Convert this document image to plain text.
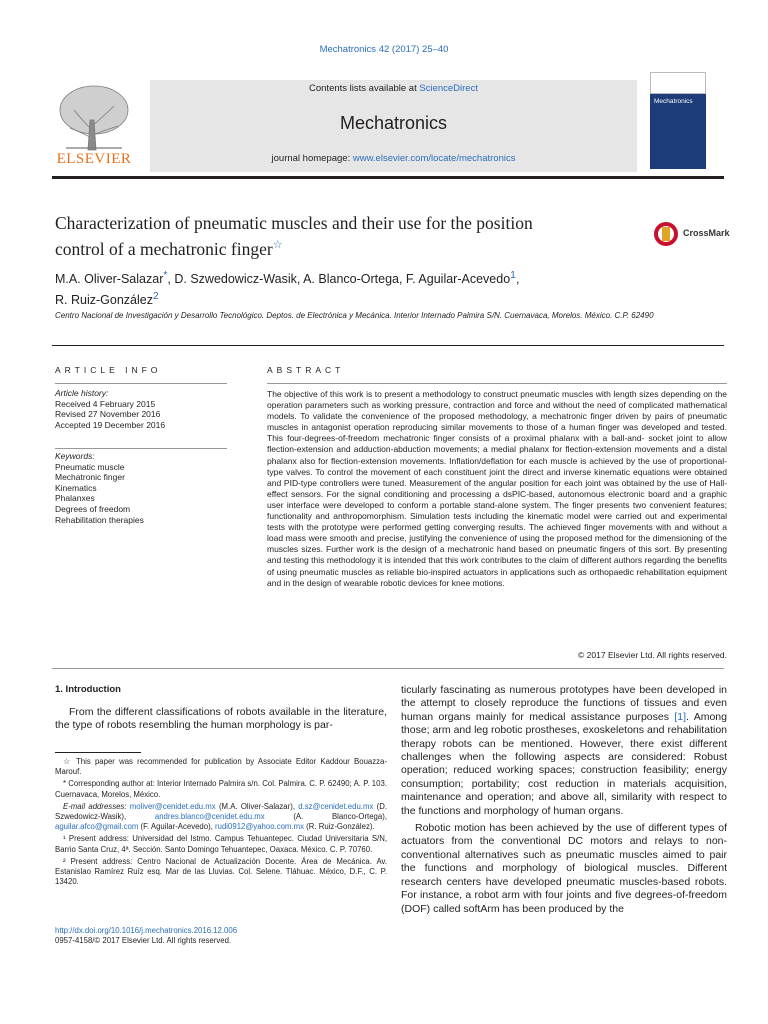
Mechatronics 42 (2017) 25–40
ELSEVIER
Contents lists available at ScienceDirect
Mechatronics
journal homepage: www.elsevier.com/locate/mechatronics
Mechatronics
Characterization of pneumatic muscles and their use for the position
control of a mechatronic finger☆
CrossMark
M.A. Oliver-Salazar*, D. Szwedowicz-Wasik, A. Blanco-Ortega, F. Aguilar-Acevedo$^1$,
R. Ruiz-González$^2$
Centro Nacional de Investigación y Desarrollo Tecnológico. Deptos. de Electrónica y Mecánica. Interior Internado Palmira S/N. Cuernavaca, Morelos. México. C.P. 62490
ARTICLE INFO	ABSTRACT
Article history:
Received 4 February 2015
Revised 27 November 2016
Accepted 19 December 2016
Keywords:
Pneumatic muscle
Mechatronic finger
Kinematics
Phalanxes
Degrees of freedom
Rehabilitation therapies
The objective of this work is to present a methodology to construct pneumatic muscles with length sizes depending on the operation parameters such as working pressure, contraction and force and without the need of complicated mathematical models. To validate the convenience of the proposed methodology, a mechatronic finger driven by pairs of pneumatic muscles in antagonist operation reproducing similar movements to those of a human finger was developed and tested. This four-degrees-of-freedom mechatronic finger consists of a proximal phalanx with a ball-and- socket joint to allow flection-extension and adduction-abduction movements; a medial phalanx for flection-extension movements and a distal phalanx also for flection-extension movements. Inflation/deflation for each muscle is achieved by the use of proportional-type valves. To control the movement of each constituent joint the direct and inverse kinematic equations were obtained and PID-type controllers were tuned. Measurement of the angular position for each joint was obtained by the use of Hall-effect sensors. For the signal conditioning and processing a dsPIC-based, autonomous electronic board and a graphic user interface were developed to conform a portable stand-alone system. The finger presents two convenient features; functionality and anthropomorphism. Simulation tests including the kinematic model were carried out and experimental tests with the prototype were performed getting converging results. The achieved finger movements with and without a load mass were smooth and precise, justifying the convenience of using the proposed method for the dimensioning of the muscles sizes. Further work is the design of a mechatronic hand based on pneumatic fingers of this sort. By presenting and testing this methodology it is intended that this work contributes to the claim of different authors regarding the benefits of using pneumatic muscles as reliable bio-inspired actuators in applications such as orthopaedic rehabilitation equipment and in the design of wearable robotic devices for knee motions.
© 2017 Elsevier Ltd. All rights reserved.
1. Introduction
From the different classifications of robots available in the literature, the type of robots resembling the human morphology is par-

☆ This paper was recommended for publication by Associate Editor Kaddour Bouazza-Marouf.

* Corresponding author at: Interior Internado Palmira s/n. Col. Palmira. C. P. 62490; A. P. 103. Cuernavaca, Morelos, México.

E-mail addresses: moliver@cenidet.edu.mx (M.A. Oliver-Salazar), d.sz@cenidet.edu.mx (D. Szwedowicz-Wasik), andres.blanco@cenidet.edu.mx (A. Blanco-Ortega), aguilar.afco@gmail.com (F. Aguilar-Acevedo), rudi0912@yahoo.com.mx (R. Ruiz-González).

¹ Present address: Universidad del Istmo. Campus Tehuantepec. Ciudad Universitaria S/N, Barrio Santa Cruz, 4ª. Sección. Santo Domingo Tehuantepec, Oaxaca. México. C. P. 70760.

² Present address: Centro Nacional de Actualización Docente. Área de Mecánica. Av. Estanislao Ramírez Ruíz esq. Mar de las Lluvias. Col. Selene. Tláhuac. México, D.F., C. P. 13420.

http://dx.doi.org/10.1016/j.mechatronics.2016.12.006
0957-4158/© 2017 Elsevier Ltd. All rights reserved.

ticularly fascinating as numerous prototypes have been developed in the attempt to closely reproduce the functions of tissues and even human organs mainly for medical assistance purposes [1]. Among those; arm and leg robotic prostheses, exoskeletons and rehabilitation therapy robots can be mentioned. However, there exist different challenges when the following aspects are considered: Robust operation; reduced working spaces; construction feasibility; energy consumption; portability; cost reduction in materials acquisition, maintenance and operation; and above all, similarity with respect to the functions and morphology of human organs.

Robotic motion has been achieved by the use of different types of actuators from the conventional DC motors and relays to non-conventional alternatives such as pneumatic muscles aimed to pair the functions and morphology of biological muscles. Different research centers have developed pneumatic muscles-based robots. For instance, a robot arm with four joints and five degrees-of-freedom (DOF) called softArm has been produced by the
